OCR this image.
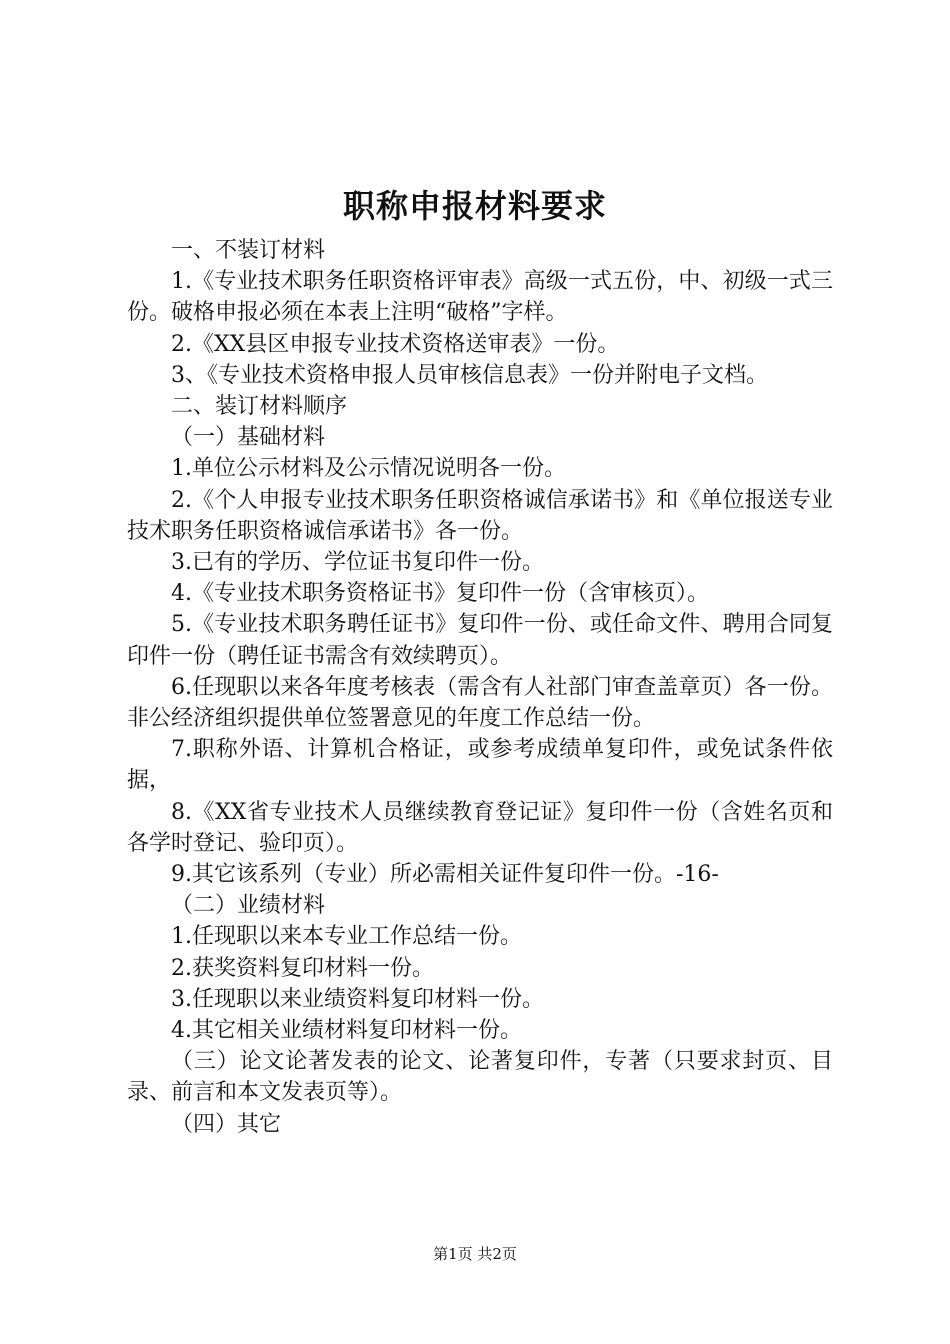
职称申报材料要求

一、不装订材料

1.《专业技术职务任职资格评审表》高级一式五份，中、初级一式三份。破格申报必须在本表上注明“破格”字样。

2.《XX县区申报专业技术资格送审表》一份。

3、《专业技术资格申报人员审核信息表》一份并附电子文档。

二、装订材料顺序

（一）基础材料

1.单位公示材料及公示情况说明各一份。

2.《个人申报专业技术职务任职资格诚信承诺书》和《单位报送专业技术职务任职资格诚信承诺书》各一份。

3.已有的学历、学位证书复印件一份。

4.《专业技术职务资格证书》复印件一份（含审核页）。

5.《专业技术职务聘任证书》复印件一份、或任命文件、聘用合同复印件一份（聘任证书需含有效续聘页）。

6.任现职以来各年度考核表（需含有人社部门审查盖章页）各一份。非公经济组织提供单位签署意见的年度工作总结一份。

7.职称外语、计算机合格证，或参考成绩单复印件，或免试条件依据，

8.《XX省专业技术人员继续教育登记证》复印件一份（含姓名页和各学时登记、验印页）。

9.其它该系列（专业）所必需相关证件复印件一份。-16-

（二）业绩材料

1.任现职以来本专业工作总结一份。

2.获奖资料复印材料一份。

3.任现职以来业绩资料复印材料一份。

4.其它相关业绩材料复印材料一份。

（三）论文论著发表的论文、论著复印件，专著（只要求封页、目录、前言和本文发表页等）。

（四）其它

第1页 共2页
